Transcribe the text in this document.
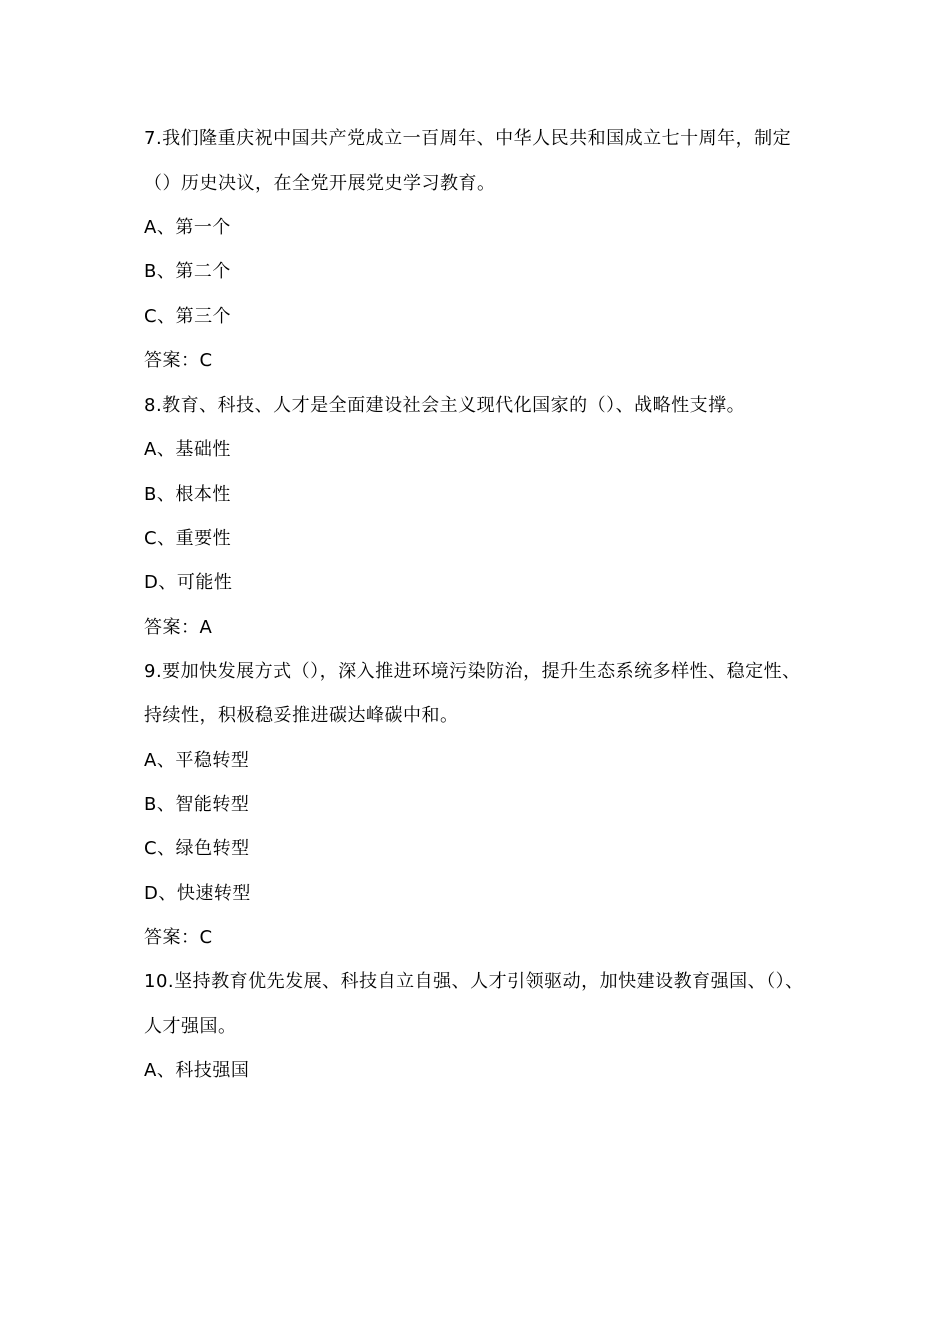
7.我们隆重庆祝中国共产党成立一百周年、中华人民共和国成立七十周年，制定
（）历史决议，在全党开展党史学习教育。
A、第一个
B、第二个
C、第三个
答案：C
8.教育、科技、人才是全面建设社会主义现代化国家的（）、战略性支撑。
A、基础性
B、根本性
C、重要性
D、可能性
答案：A
9.要加快发展方式（），深入推进环境污染防治，提升生态系统多样性、稳定性、
持续性，积极稳妥推进碳达峰碳中和。
A、平稳转型
B、智能转型
C、绿色转型
D、快速转型
答案：C
10.坚持教育优先发展、科技自立自强、人才引领驱动，加快建设教育强国、（）、
人才强国。
A、科技强国
